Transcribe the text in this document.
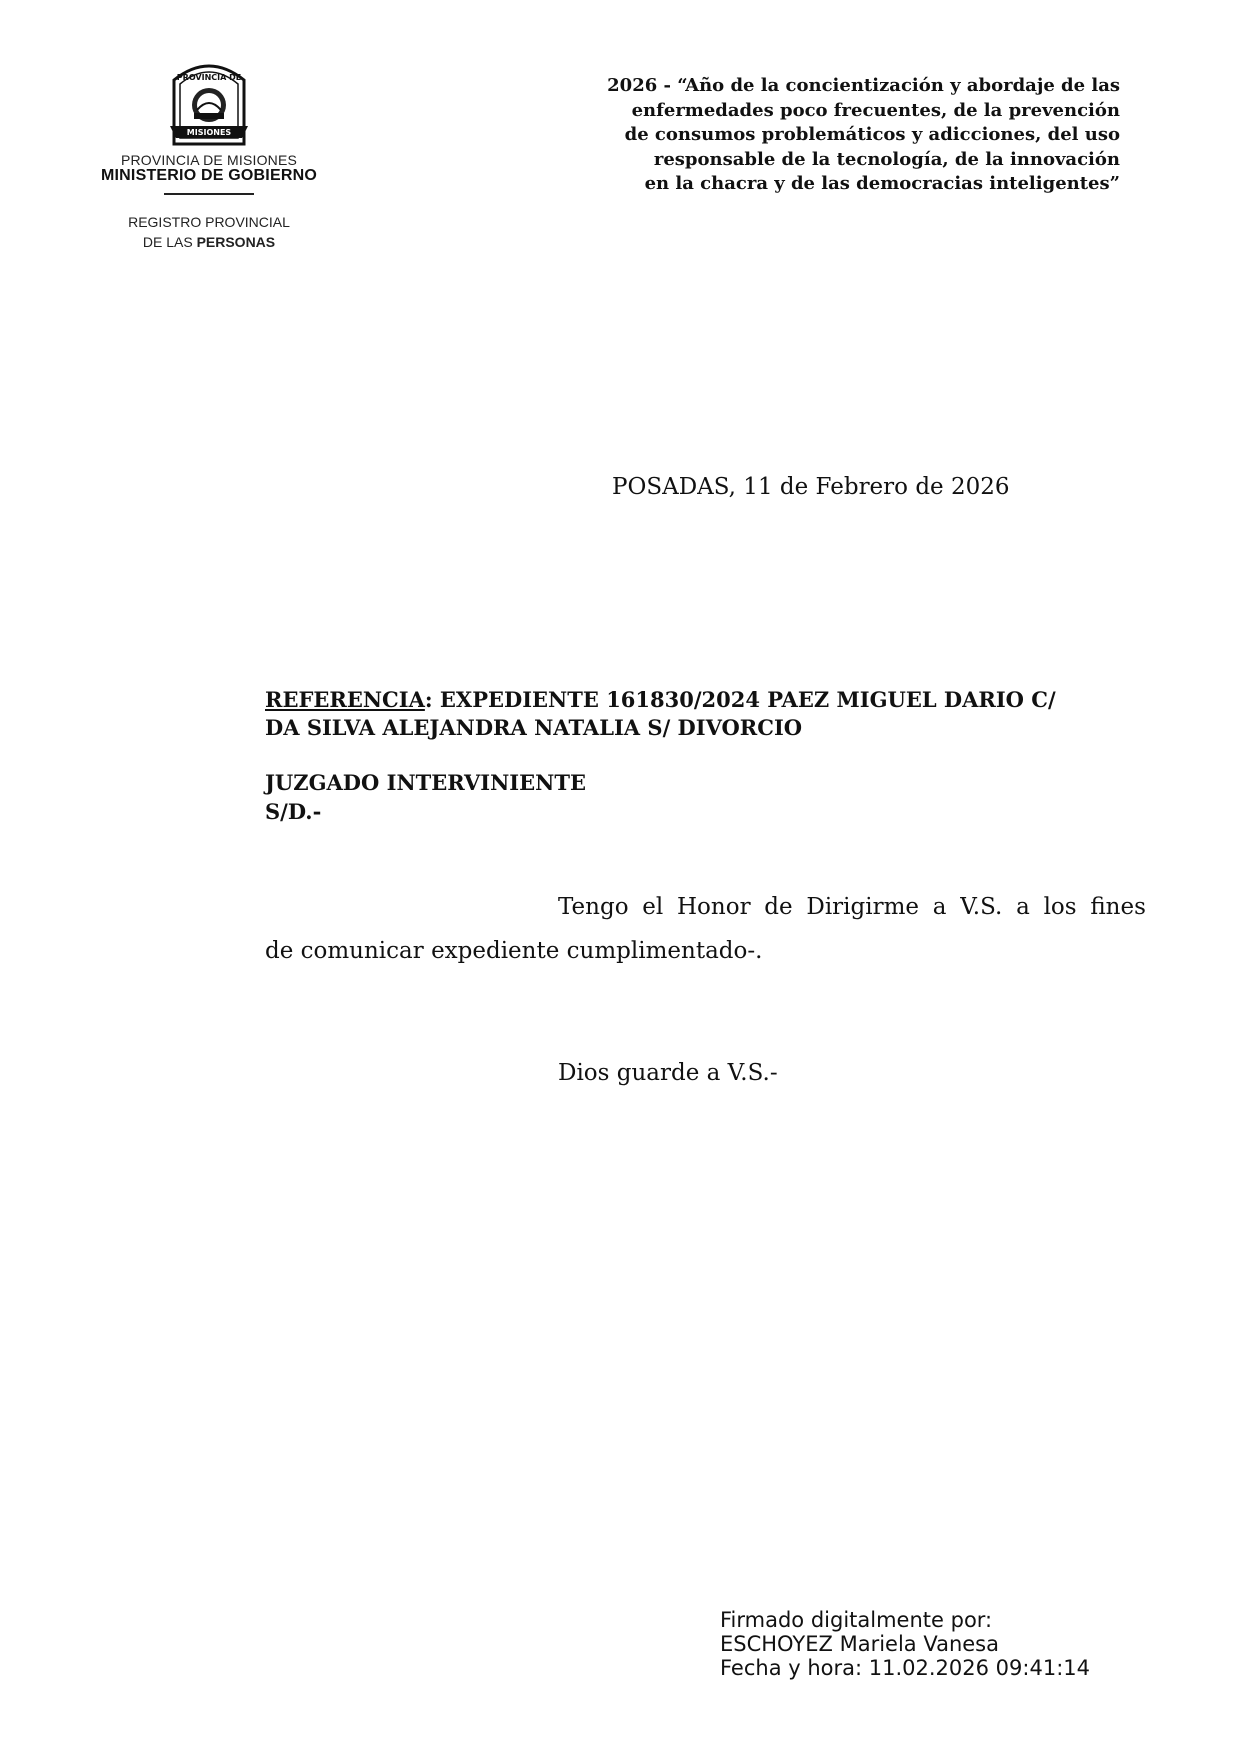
PROVINCIA DE
MISIONES
PROVINCIA DE MISIONES
MINISTERIO DE GOBIERNO
REGISTRO PROVINCIAL
DE LAS PERSONAS
2026 - “Año de la concientización y abordaje de las
enfermedades poco frecuentes, de la prevención
de consumos problemáticos y adicciones, del uso
responsable de la tecnología, de la innovación
en la chacra y de las democracias inteligentes”
POSADAS, 11 de Febrero de 2026
REFERENCIA: EXPEDIENTE 161830/2024 PAEZ MIGUEL DARIO C/
DA SILVA ALEJANDRA NATALIA S/ DIVORCIO
JUZGADO INTERVINIENTE
S/D.-
Tengo el Honor de Dirigirme a V.S. a los fines
de comunicar expediente cumplimentado-.
Dios guarde a V.S.-
Firmado digitalmente por:
ESCHOYEZ Mariela Vanesa
Fecha y hora: 11.02.2026 09:41:14
